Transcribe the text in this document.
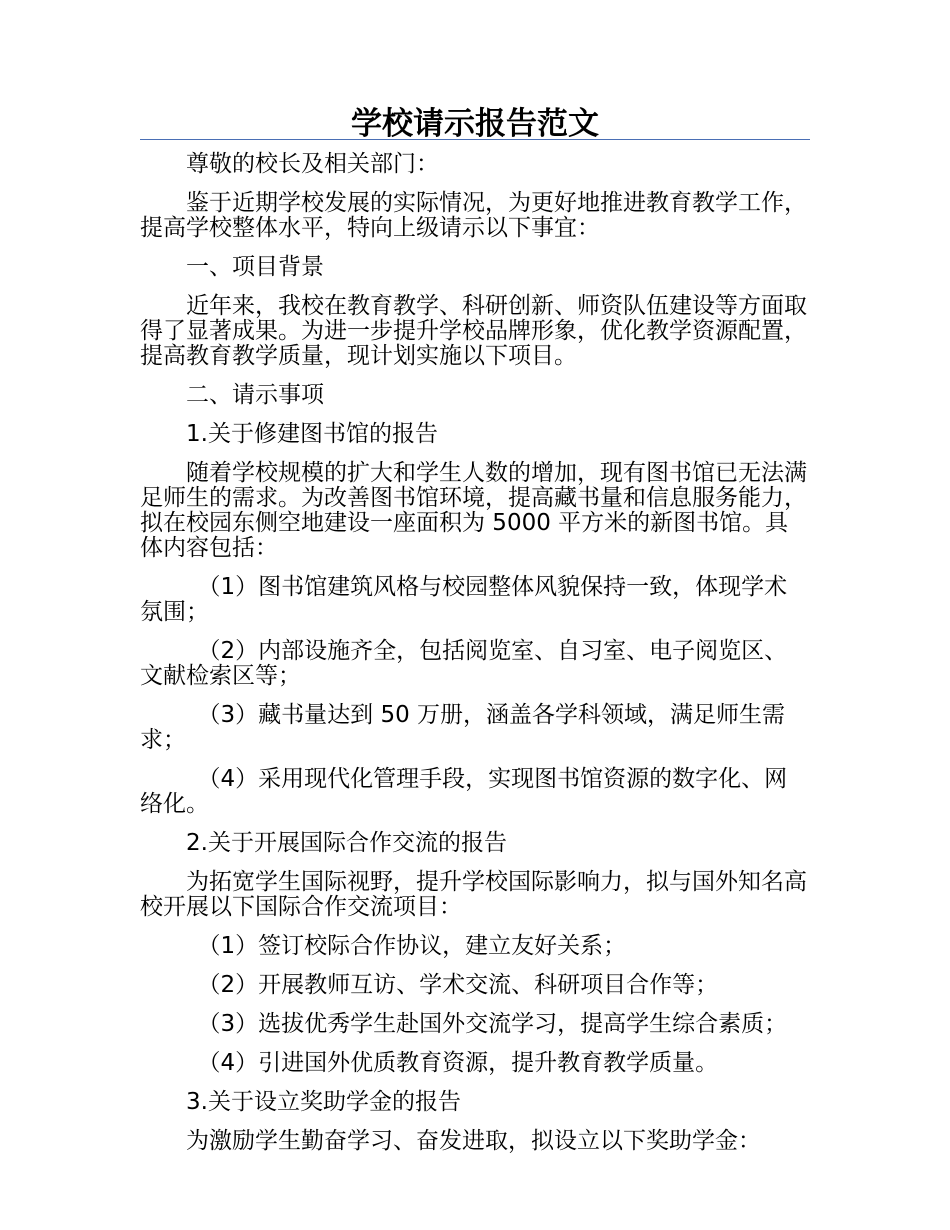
学校请示报告范文

尊敬的校长及相关部门：

鉴于近期学校发展的实际情况，为更好地推进教育教学工作，提高学校整体水平，特向上级请示以下事宜：

一、项目背景

近年来，我校在教育教学、科研创新、师资队伍建设等方面取得了显著成果。为进一步提升学校品牌形象，优化教学资源配置，提高教育教学质量，现计划实施以下项目。

二、请示事项

1.关于修建图书馆的报告

随着学校规模的扩大和学生人数的增加，现有图书馆已无法满足师生的需求。为改善图书馆环境，提高藏书量和信息服务能力，拟在校园东侧空地建设一座面积为 5000 平方米的新图书馆。具体内容包括：

（1）图书馆建筑风格与校园整体风貌保持一致，体现学术氛围；

（2）内部设施齐全，包括阅览室、自习室、电子阅览区、文献检索区等；

（3）藏书量达到 50 万册，涵盖各学科领域，满足师生需求；

（4）采用现代化管理手段，实现图书馆资源的数字化、网络化。

2.关于开展国际合作交流的报告

为拓宽学生国际视野，提升学校国际影响力，拟与国外知名高校开展以下国际合作交流项目：

（1）签订校际合作协议，建立友好关系；

（2）开展教师互访、学术交流、科研项目合作等；

（3）选拔优秀学生赴国外交流学习，提高学生综合素质；

（4）引进国外优质教育资源，提升教育教学质量。

3.关于设立奖助学金的报告

为激励学生勤奋学习、奋发进取，拟设立以下奖助学金：
